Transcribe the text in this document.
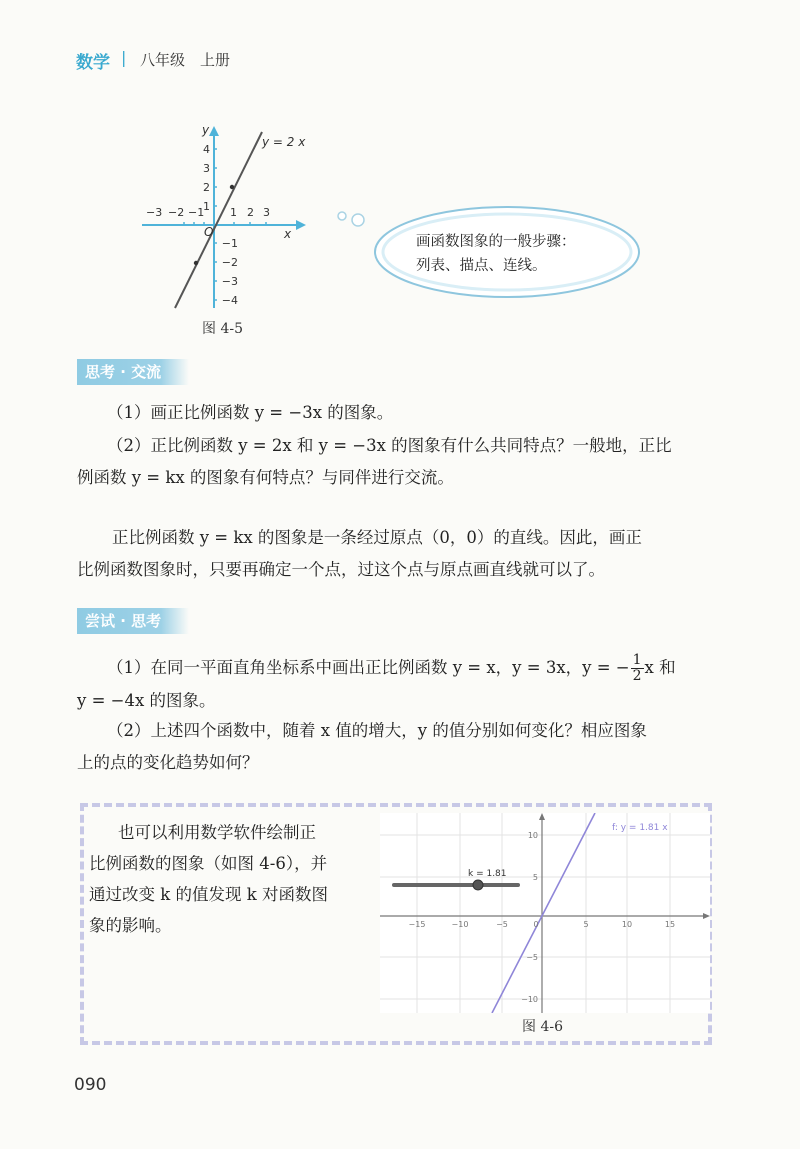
数学 | 八年级　上册
y = 2 x
x
y
O
−3 −2 −1 1 2 3
4
3
2
1
−1
−2
−3
−4
图 4-5
画函数图象的一般步骤：
列表、描点、连线。
思考 · 交流
（1）画正比例函数 y = −3x 的图象。
（2）正比例函数 y = 2x 和 y = −3x 的图象有什么共同特点？一般地，正比
例函数 y = kx 的图象有何特点？与同伴进行交流。
正比例函数 y = kx 的图象是一条经过原点（0，0）的直线。因此，画正
比例函数图象时，只要再确定一个点，过这个点与原点画直线就可以了。
尝试 · 思考
（1）在同一平面直角坐标系中画出正比例函数 y = x，y = 3x，y = − $\frac{1}{2}$ x 和
y = −4x 的图象。
（2）上述四个函数中，随着 x 值的增大，y 的值分别如何变化？相应图象
上的点的变化趋势如何？
也可以利用数学软件绘制正
比例函数的图象（如图 4-6），并
通过改变 k 的值发现 k 对函数图
象的影响。
f: y = 1.81 x
k = 1.81
−15	−10	−5	0	5	10	15
10
5
−5
−10
图 4-6
090
